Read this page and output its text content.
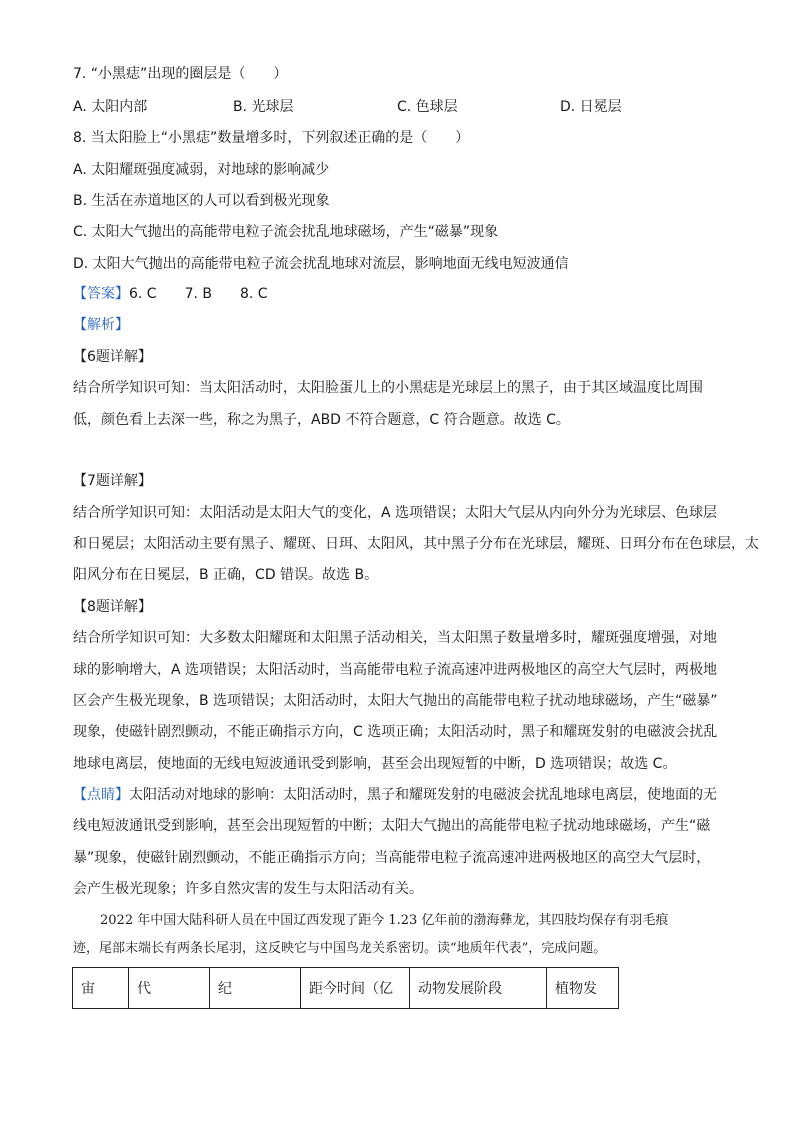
7. “小黑痣”出现的圈层是（　　）
A. 太阳内部	B. 光球层	C. 色球层	D. 日冕层
8. 当太阳脸上“小黑痣”数量增多时，下列叙述正确的是（　　）
A. 太阳耀斑强度减弱，对地球的影响减少
B. 生活在赤道地区的人可以看到极光现象
C. 太阳大气抛出的高能带电粒子流会扰乱地球磁场，产生“磁暴”现象
D. 太阳大气抛出的高能带电粒子流会扰乱地球对流层，影响地面无线电短波通信
【答案】6. C　　7. B　　8. C
【解析】
【6题详解】
结合所学知识可知：当太阳活动时，太阳脸蛋儿上的小黑痣是光球层上的黑子，由于其区域温度比周围
低，颜色看上去深一些，称之为黑子，ABD 不符合题意，C 符合题意。故选 C。
【7题详解】
结合所学知识可知：太阳活动是太阳大气的变化，A 选项错误；太阳大气层从内向外分为光球层、色球层
和日冕层；太阳活动主要有黑子、耀斑、日珥、太阳风，其中黑子分布在光球层，耀斑、日珥分布在色球层，太
阳风分布在日冕层，B 正确，CD 错误。故选 B。
【8题详解】
结合所学知识可知：大多数太阳耀斑和太阳黑子活动相关，当太阳黑子数量增多时，耀斑强度增强，对地
球的影响增大，A 选项错误；太阳活动时，当高能带电粒子流高速冲进两极地区的高空大气层时，两极地
区会产生极光现象，B 选项错误；太阳活动时，太阳大气抛出的高能带电粒子扰动地球磁场，产生“磁暴”
现象，使磁针剧烈颤动，不能正确指示方向，C 选项正确；太阳活动时，黑子和耀斑发射的电磁波会扰乱
地球电离层，使地面的无线电短波通讯受到影响，甚至会出现短暂的中断，D 选项错误；故选 C。
【点睛】太阳活动对地球的影响：太阳活动时，黑子和耀斑发射的电磁波会扰乱地球电离层，使地面的无
线电短波通讯受到影响，甚至会出现短暂的中断；太阳大气抛出的高能带电粒子扰动地球磁场，产生“磁
暴”现象，使磁针剧烈颤动，不能正确指示方向；当高能带电粒子流高速冲进两极地区的高空大气层时，
会产生极光现象；许多自然灾害的发生与太阳活动有关。
2022 年中国大陆科研人员在中国辽西发现了距今 1.23 亿年前的渤海彝龙，其四肢均保存有羽毛痕
迹，尾部末端长有两条长尾羽，这反映它与中国鸟龙关系密切。读“地质年代表”，完成问题。
宙	代	纪	距今时间（亿	动物发展阶段	植物发
